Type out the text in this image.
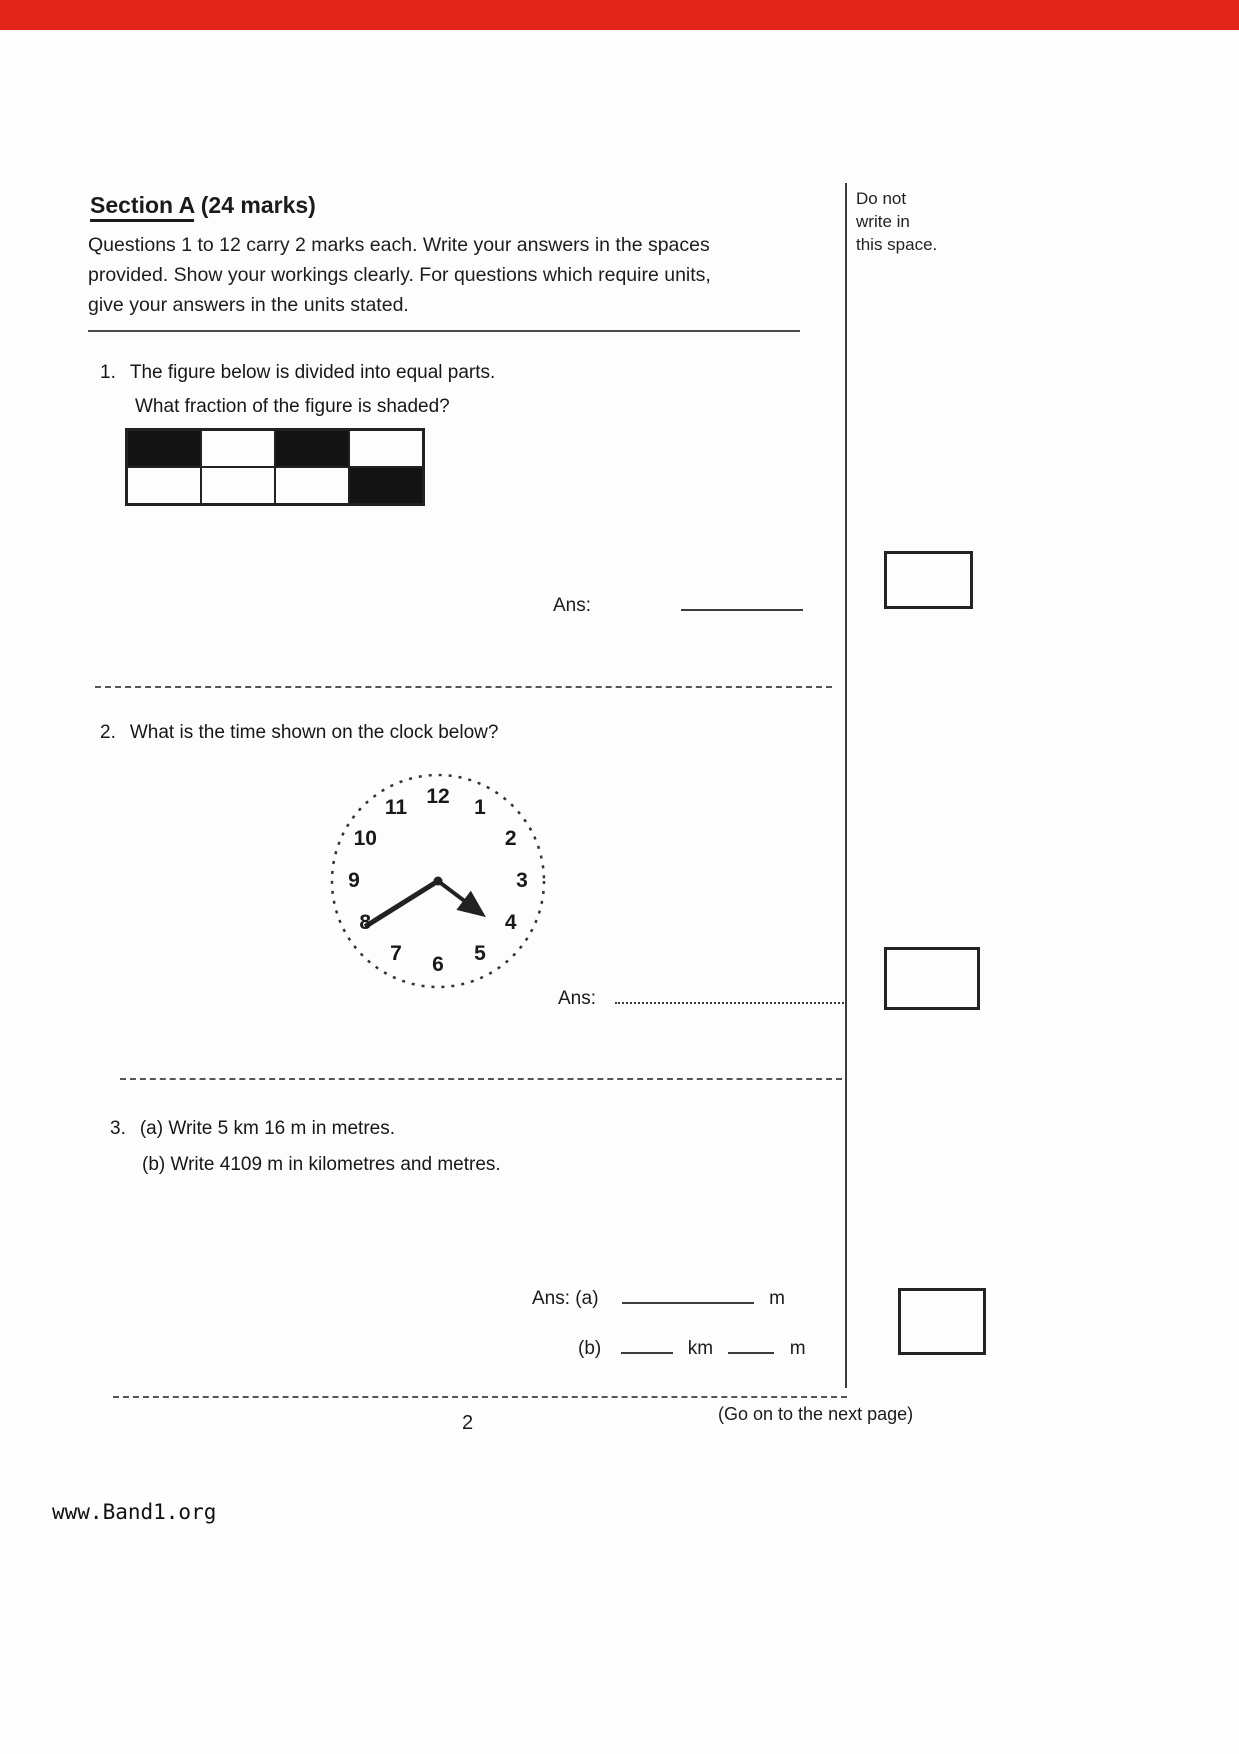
Do not
write in
this space.
Section A (24 marks)
Questions 1 to 12 carry 2 marks each. Write your answers in the spaces
provided. Show your workings clearly. For questions which require units,
give your answers in the units stated.
1. The figure below is divided into equal parts.
What fraction of the figure is shaded?
Ans:
2. What is the time shown on the clock below?
12 1
2
3
4
5
6
7
8
9
10
11
Ans:
3. (a) Write 5 km 16 m in metres.
(b) Write 4109 m in kilometres and metres.
Ans: (a)	m
(b)	km	m
2	(Go on to the next page)
www.Band1.org
